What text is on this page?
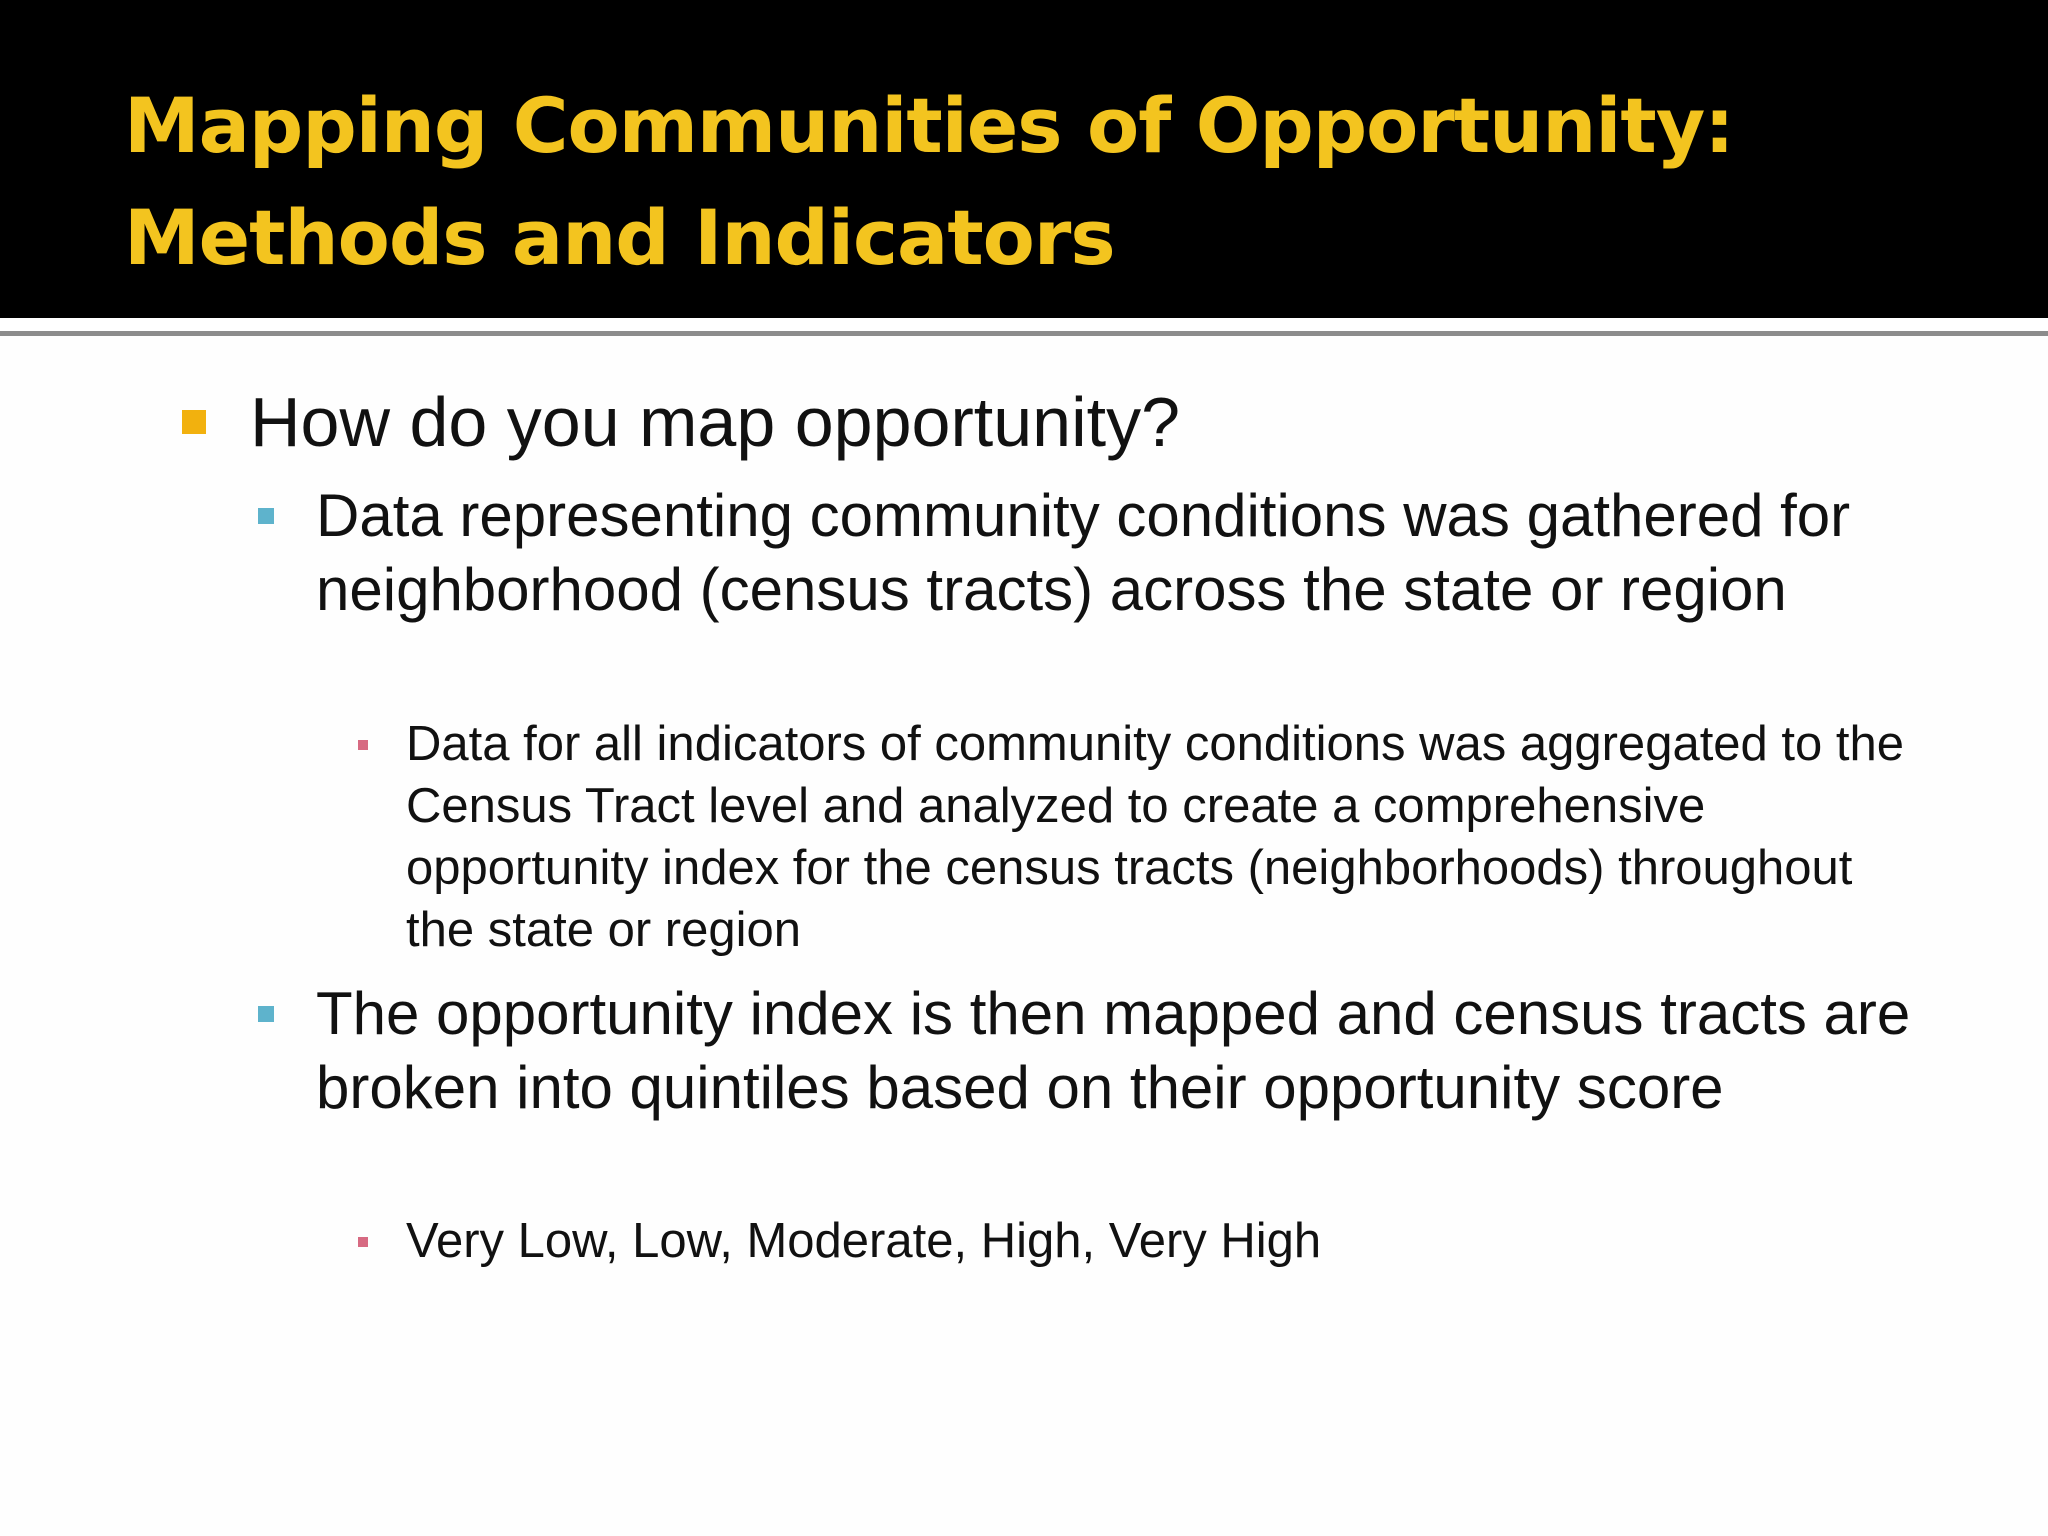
Mapping Communities of Opportunity:
Methods and Indicators
How do you map opportunity?
Data representing community conditions was gathered for neighborhood (census tracts) across the state or region
Data for all indicators of community conditions was aggregated to the Census Tract level and analyzed to create a comprehensive opportunity index for the census tracts (neighborhoods) throughout the state or region
The opportunity index is then mapped and census tracts are broken into quintiles based on their opportunity score
Very Low, Low, Moderate, High, Very High
